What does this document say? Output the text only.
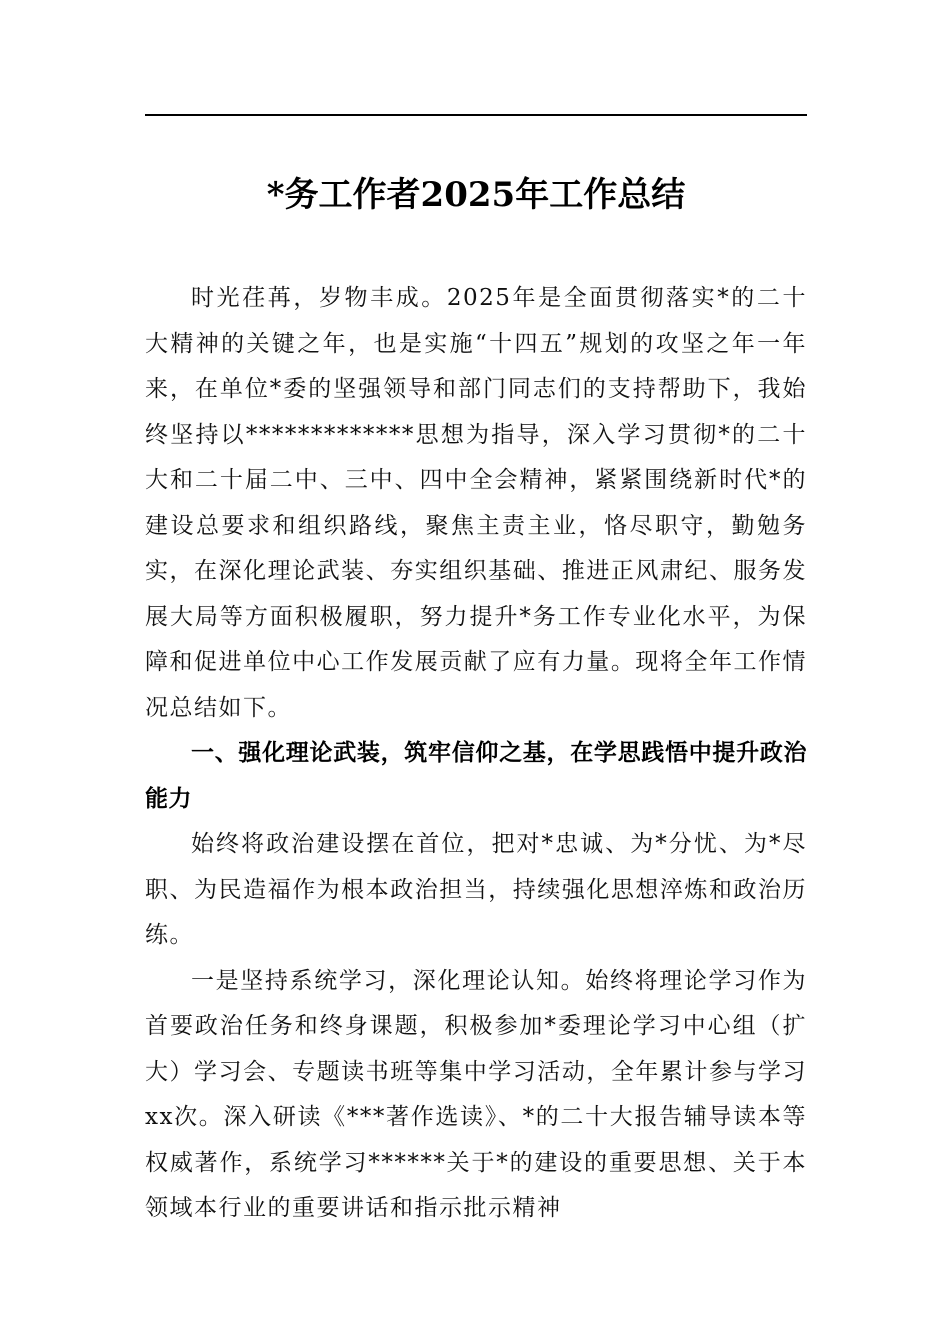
*务工作者2025年工作总结

时光荏苒，岁物丰成。2025年是全面贯彻落实*的二十大精神的关键之年，也是实施“十四五”规划的攻坚之年一年来，在单位*委的坚强领导和部门同志们的支持帮助下，我始终坚持以*************思想为指导，深入学习贯彻*的二十大和二十届二中、三中、四中全会精神，紧紧围绕新时代*的建设总要求和组织路线，聚焦主责主业，恪尽职守，勤勉务实，在深化理论武装、夯实组织基础、推进正风肃纪、服务发展大局等方面积极履职，努力提升*务工作专业化水平，为保障和促进单位中心工作发展贡献了应有力量。现将全年工作情况总结如下。

一、强化理论武装，筑牢信仰之基，在学思践悟中提升政治能力

始终将政治建设摆在首位，把对*忠诚、为*分忧、为*尽职、为民造福作为根本政治担当，持续强化思想淬炼和政治历练。

一是坚持系统学习，深化理论认知。始终将理论学习作为首要政治任务和终身课题，积极参加*委理论学习中心组（扩大）学习会、专题读书班等集中学习活动，全年累计参与学习xx次。深入研读《***著作选读》、*的二十大报告辅导读本等权威著作，系统学习******关于*的建设的重要思想、关于本领域本行业的重要讲话和指示批示精神
